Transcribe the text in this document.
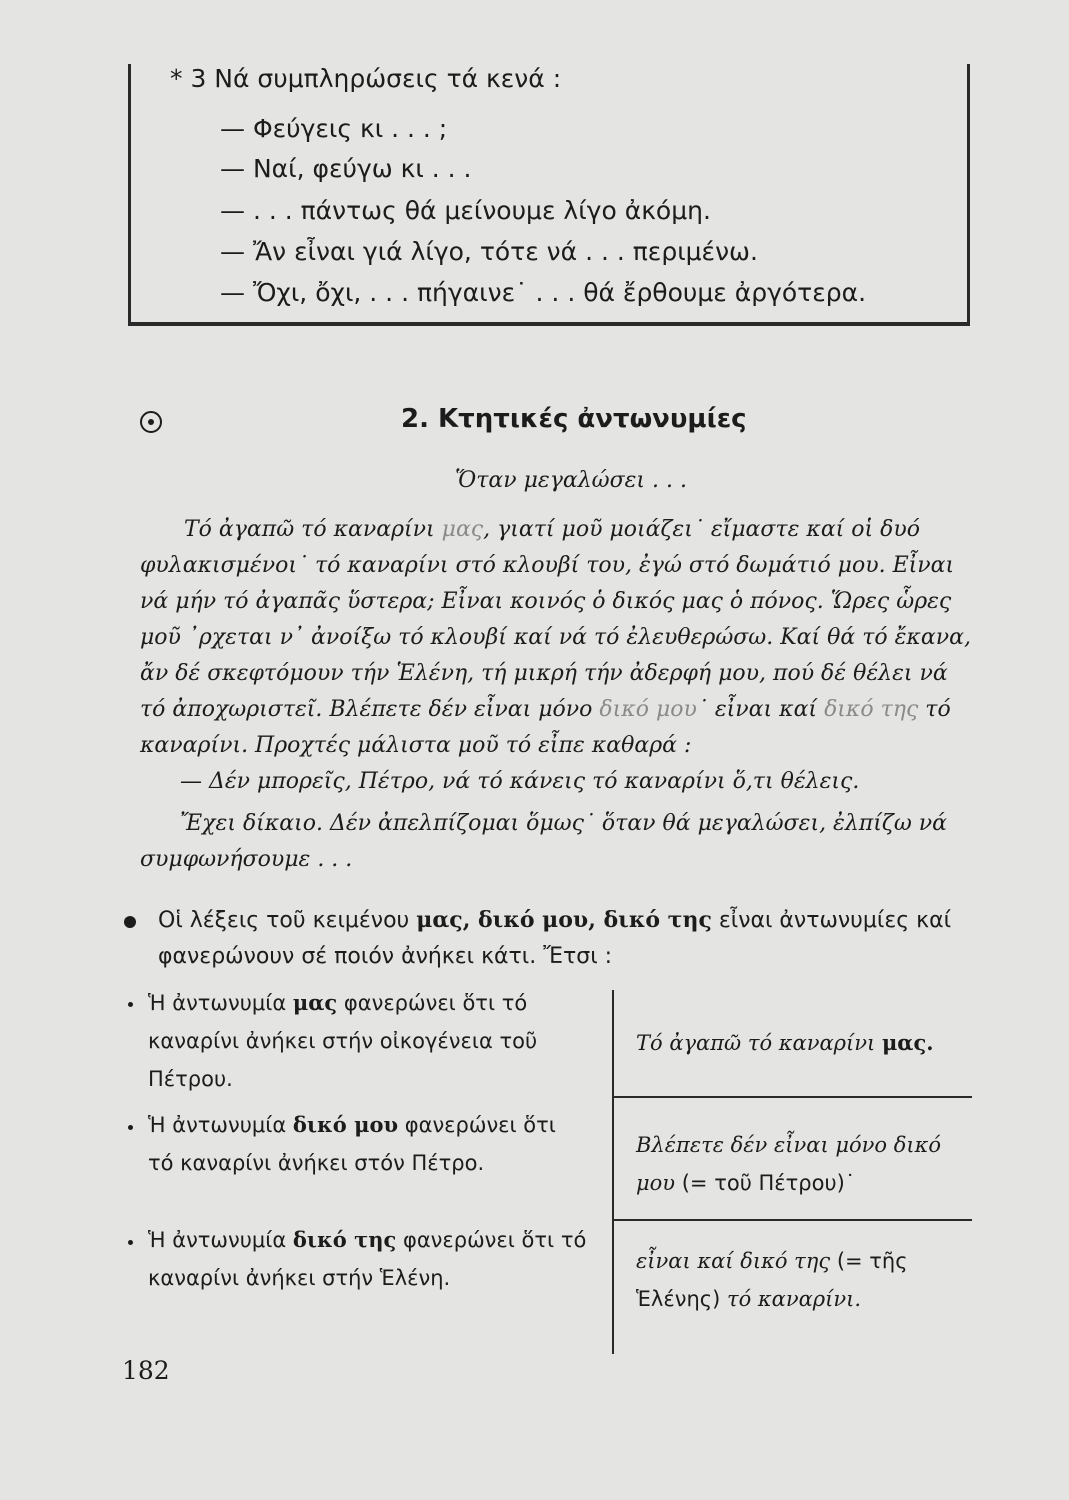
* 3 Νά συμπληρώσεις τά κενά :
— Φεύγεις κι . . . ;
— Ναί, φεύγω κι . . .
— . . . πάντως θά μείνουμε λίγο ἀκόμη.
— Ἄν εἶναι γιά λίγο, τότε νά . . . περιμένω.
— Ὄχι, ὄχι, . . . πήγαινε˙ . . . θά ἔρθουμε ἀργότερα.
2. Κτητικές ἀντωνυμίες
Ὅταν μεγαλώσει . . .

Τό ἀγαπῶ τό καναρίνι μας, γιατί μοῦ μοιάζει˙ εἴμαστε καί οἱ δυό φυλακισμένοι˙ τό καναρίνι στό κλουβί του, ἐγώ στό δωμάτιό μου. Εἶναι νά μήν τό ἀγαπᾶς ὕστερα; Εἶναι κοινός ὁ δικός μας ὁ πόνος. Ὥρες ὧρες μοῦ ᾽ρχεται ν᾽ ἀνοίξω τό κλουβί καί νά τό ἐλευθερώσω. Καί θά τό ἔκανα, ἄν δέ σκεφτόμουν τήν Ἑλένη, τή μικρή τήν ἀδερφή μου, πού δέ θέλει νά τό ἀποχωριστεῖ. Βλέπετε δέν εἶναι μόνο δικό μου˙ εἶναι καί δικό της τό καναρίνι. Προχτές μάλιστα μοῦ τό εἶπε καθαρά :

— Δέν μπορεῖς, Πέτρο, νά τό κάνεις τό καναρίνι ὅ,τι θέλεις.

Ἔχει δίκαιο. Δέν ἀπελπίζομαι ὅμως˙ ὅταν θά μεγαλώσει, ἐλπίζω νά συμφωνήσουμε . . .

Οἱ λέξεις τοῦ κειμένου μας, δικό μου, δικό της εἶναι ἀντωνυμίες καί φανερώνουν σέ ποιόν ἀνήκει κάτι. Ἔτσι :

Ἡ ἀντωνυμία μας φανερώνει ὅτι τό καναρίνι ἀνήκει στήν οἰκογένεια τοῦ Πέτρου.

Ἡ ἀντωνυμία δικό μου φανερώνει ὅτι τό καναρίνι ἀνήκει στόν Πέτρο.

Ἡ ἀντωνυμία δικό της φανερώνει ὅτι τό καναρίνι ἀνήκει στήν Ἑλένη.

Τό ἀγαπῶ τό καναρίνι μας.

Βλέπετε δέν εἶναι μόνο δικό μου (= τοῦ Πέτρου)˙

εἶναι καί δικό της (= τῆς Ἑλένης) τό καναρίνι.

182
